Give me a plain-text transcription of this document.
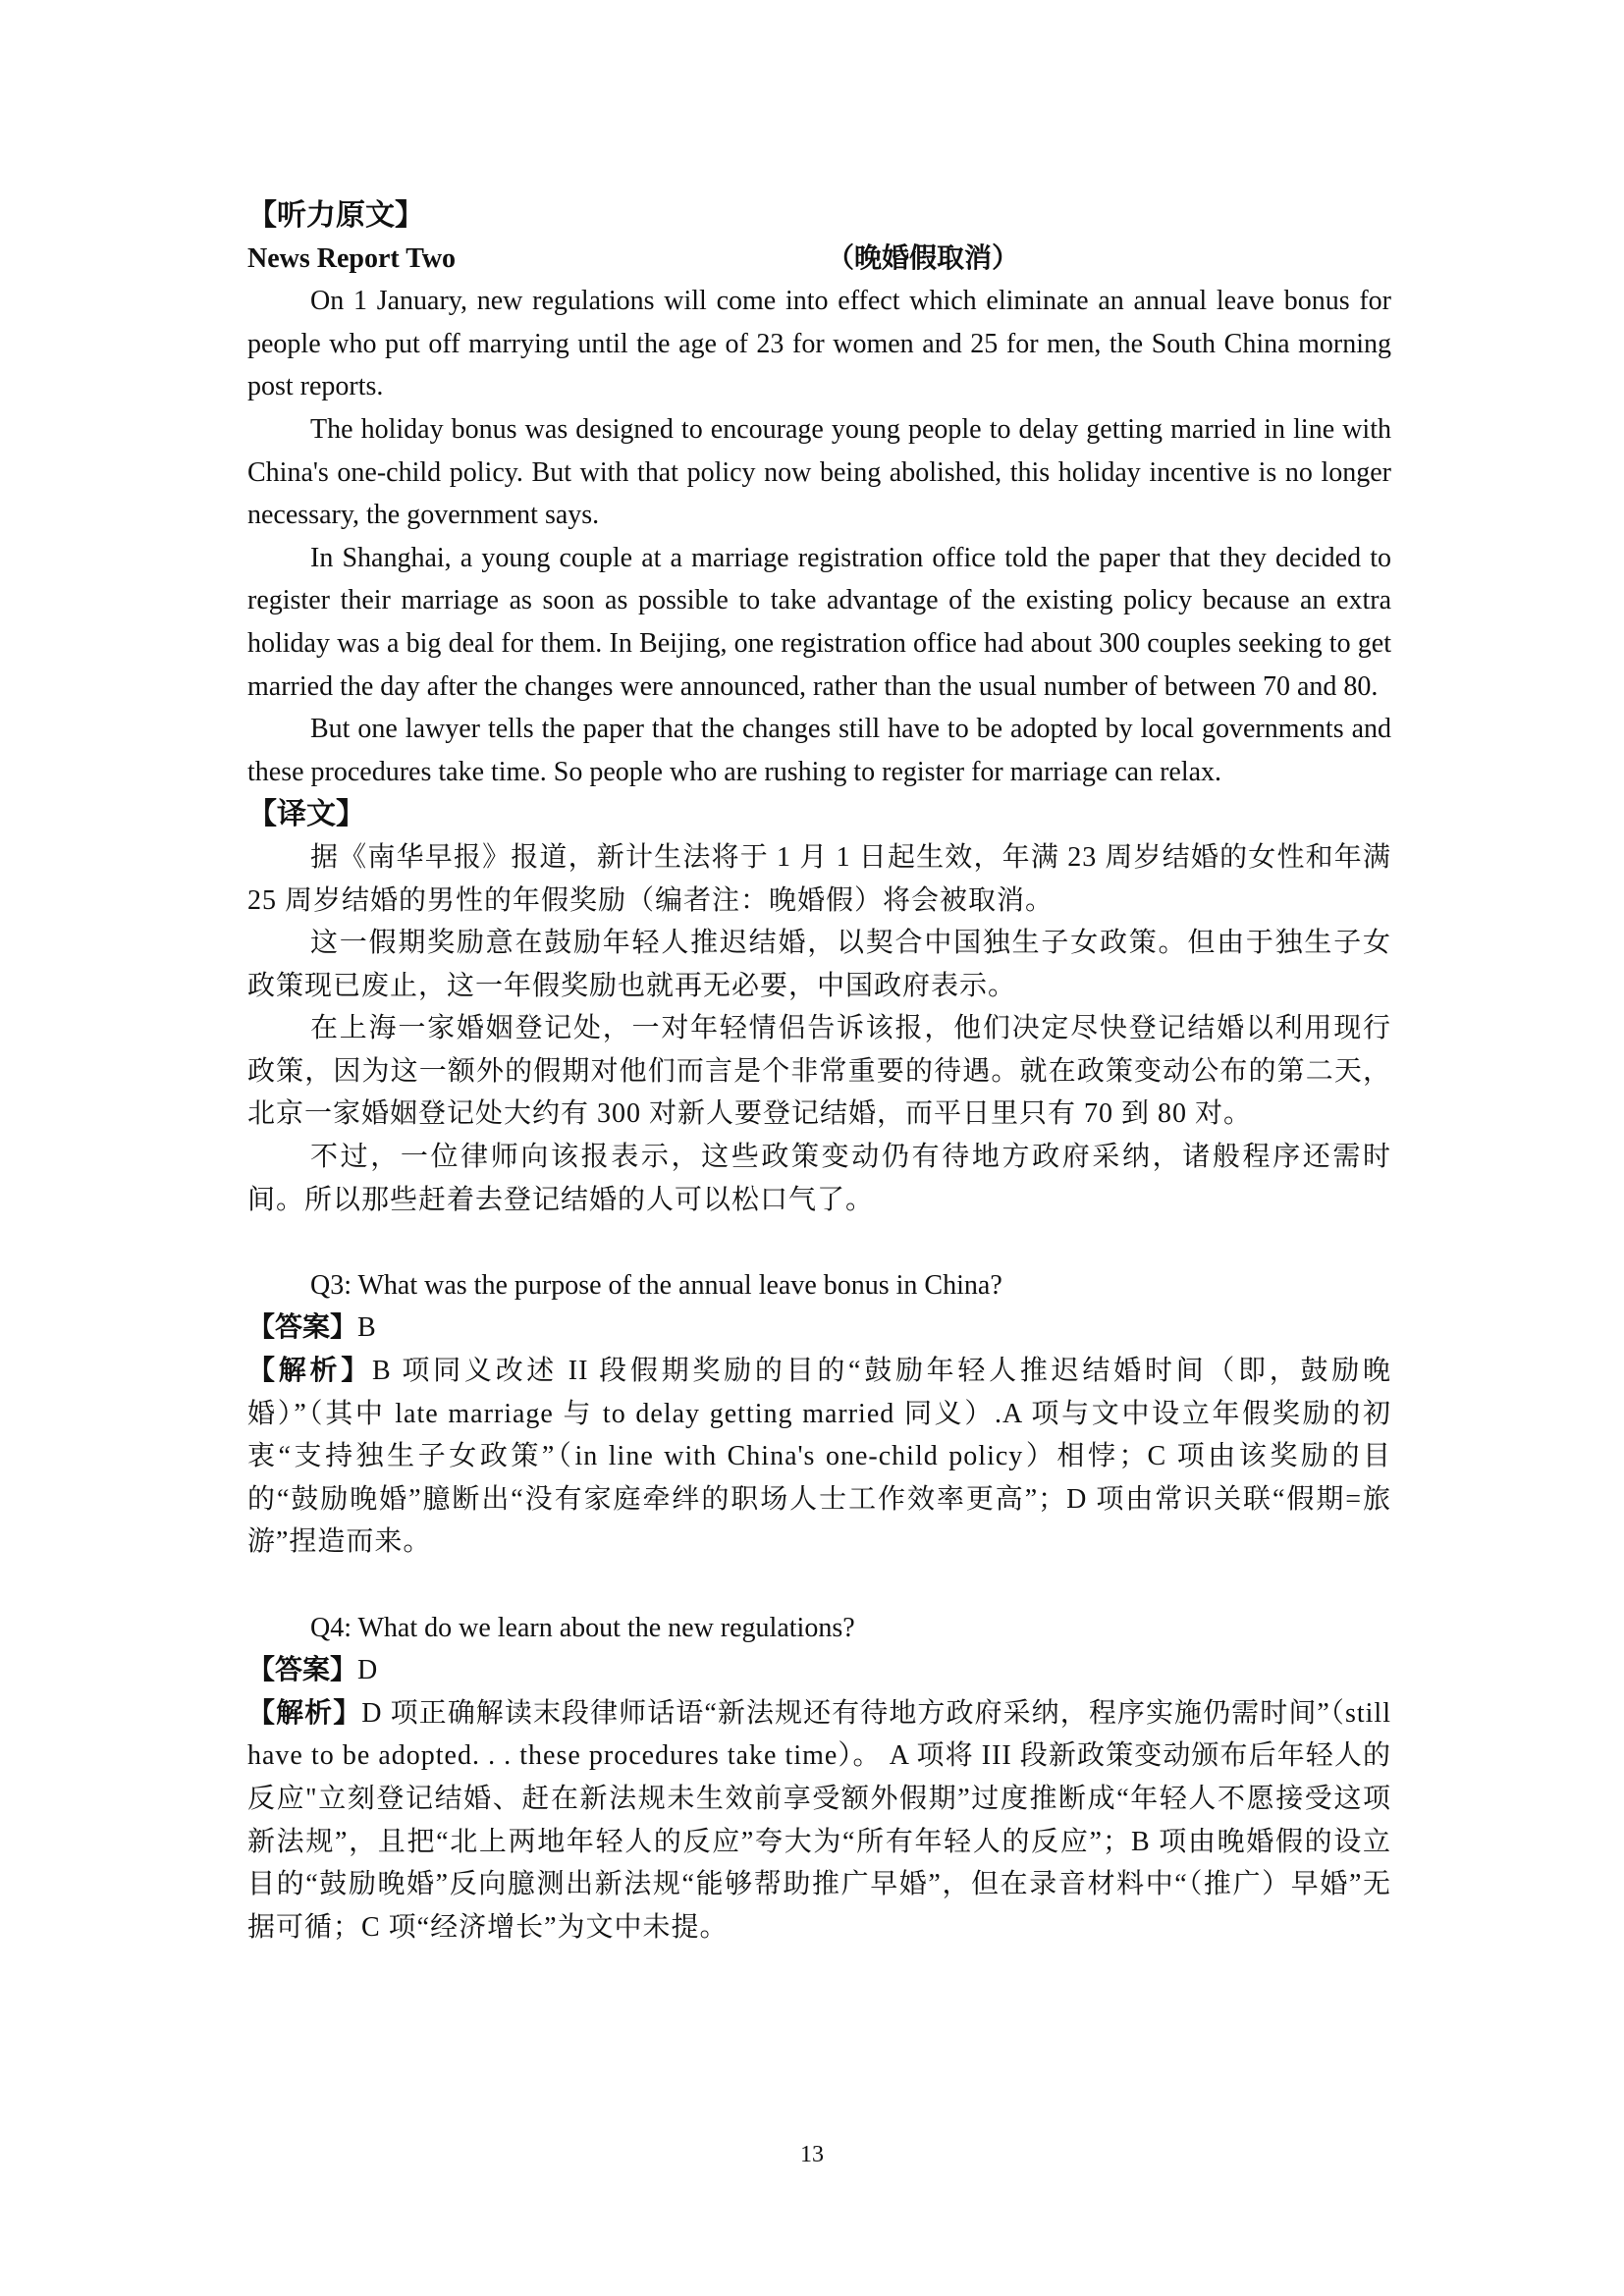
【听力原文】
News Report Two	（晚婚假取消）

On 1 January, new regulations will come into effect which eliminate an annual leave bonus for people who put off marrying until the age of 23 for women and 25 for men, the South China morning post reports.

The holiday bonus was designed to encourage young people to delay getting married in line with China's one-child policy. But with that policy now being abolished, this holiday incentive is no longer necessary, the government says.

In Shanghai, a young couple at a marriage registration office told the paper that they decided to register their marriage as soon as possible to take advantage of the existing policy because an extra holiday was a big deal for them. In Beijing, one registration office had about 300 couples seeking to get married the day after the changes were announced, rather than the usual number of between 70 and 80.

But one lawyer tells the paper that the changes still have to be adopted by local governments and these procedures take time. So people who are rushing to register for marriage can relax.

【译文】

据《南华早报》报道，新计生法将于 1 月 1 日起生效，年满 23 周岁结婚的女性和年满 25 周岁结婚的男性的年假奖励（编者注：晚婚假）将会被取消。

这一假期奖励意在鼓励年轻人推迟结婚，以契合中国独生子女政策。但由于独生子女政策现已废止，这一年假奖励也就再无必要，中国政府表示。

在上海一家婚姻登记处，一对年轻情侣告诉该报，他们决定尽快登记结婚以利用现行政策，因为这一额外的假期对他们而言是个非常重要的待遇。就在政策变动公布的第二天，北京一家婚姻登记处大约有 300 对新人要登记结婚，而平日里只有 70 到 80 对。

不过，一位律师向该报表示，这些政策变动仍有待地方政府采纳，诸般程序还需时间。所以那些赶着去登记结婚的人可以松口气了。

Q3: What was the purpose of the annual leave bonus in China?

【答案】B

【解析】B 项同义改述 II 段假期奖励的目的“鼓励年轻人推迟结婚时间（即，鼓励晚婚）”（其中 late marriage 与 to delay getting married 同义）.A 项与文中设立年假奖励的初衷“支持独生子女政策”（in line with China's one-child policy）相悖；C 项由该奖励的目的“鼓励晚婚”臆断出“没有家庭牵绊的职场人士工作效率更高”；D 项由常识关联“假期=旅游”捏造而来。

Q4: What do we learn about the new regulations?

【答案】D

【解析】D 项正确解读末段律师话语“新法规还有待地方政府采纳，程序实施仍需时间”（still have to be adopted. . . these procedures take time）。 A 项将 III 段新政策变动颁布后年轻人的反应"立刻登记结婚、赶在新法规未生效前享受额外假期”过度推断成“年轻人不愿接受这项新法规”，且把“北上两地年轻人的反应”夸大为“所有年轻人的反应”；B 项由晚婚假的设立目的“鼓励晚婚”反向臆测出新法规“能够帮助推广早婚”，但在录音材料中“（推广）早婚”无据可循；C 项“经济增长”为文中未提。

13
